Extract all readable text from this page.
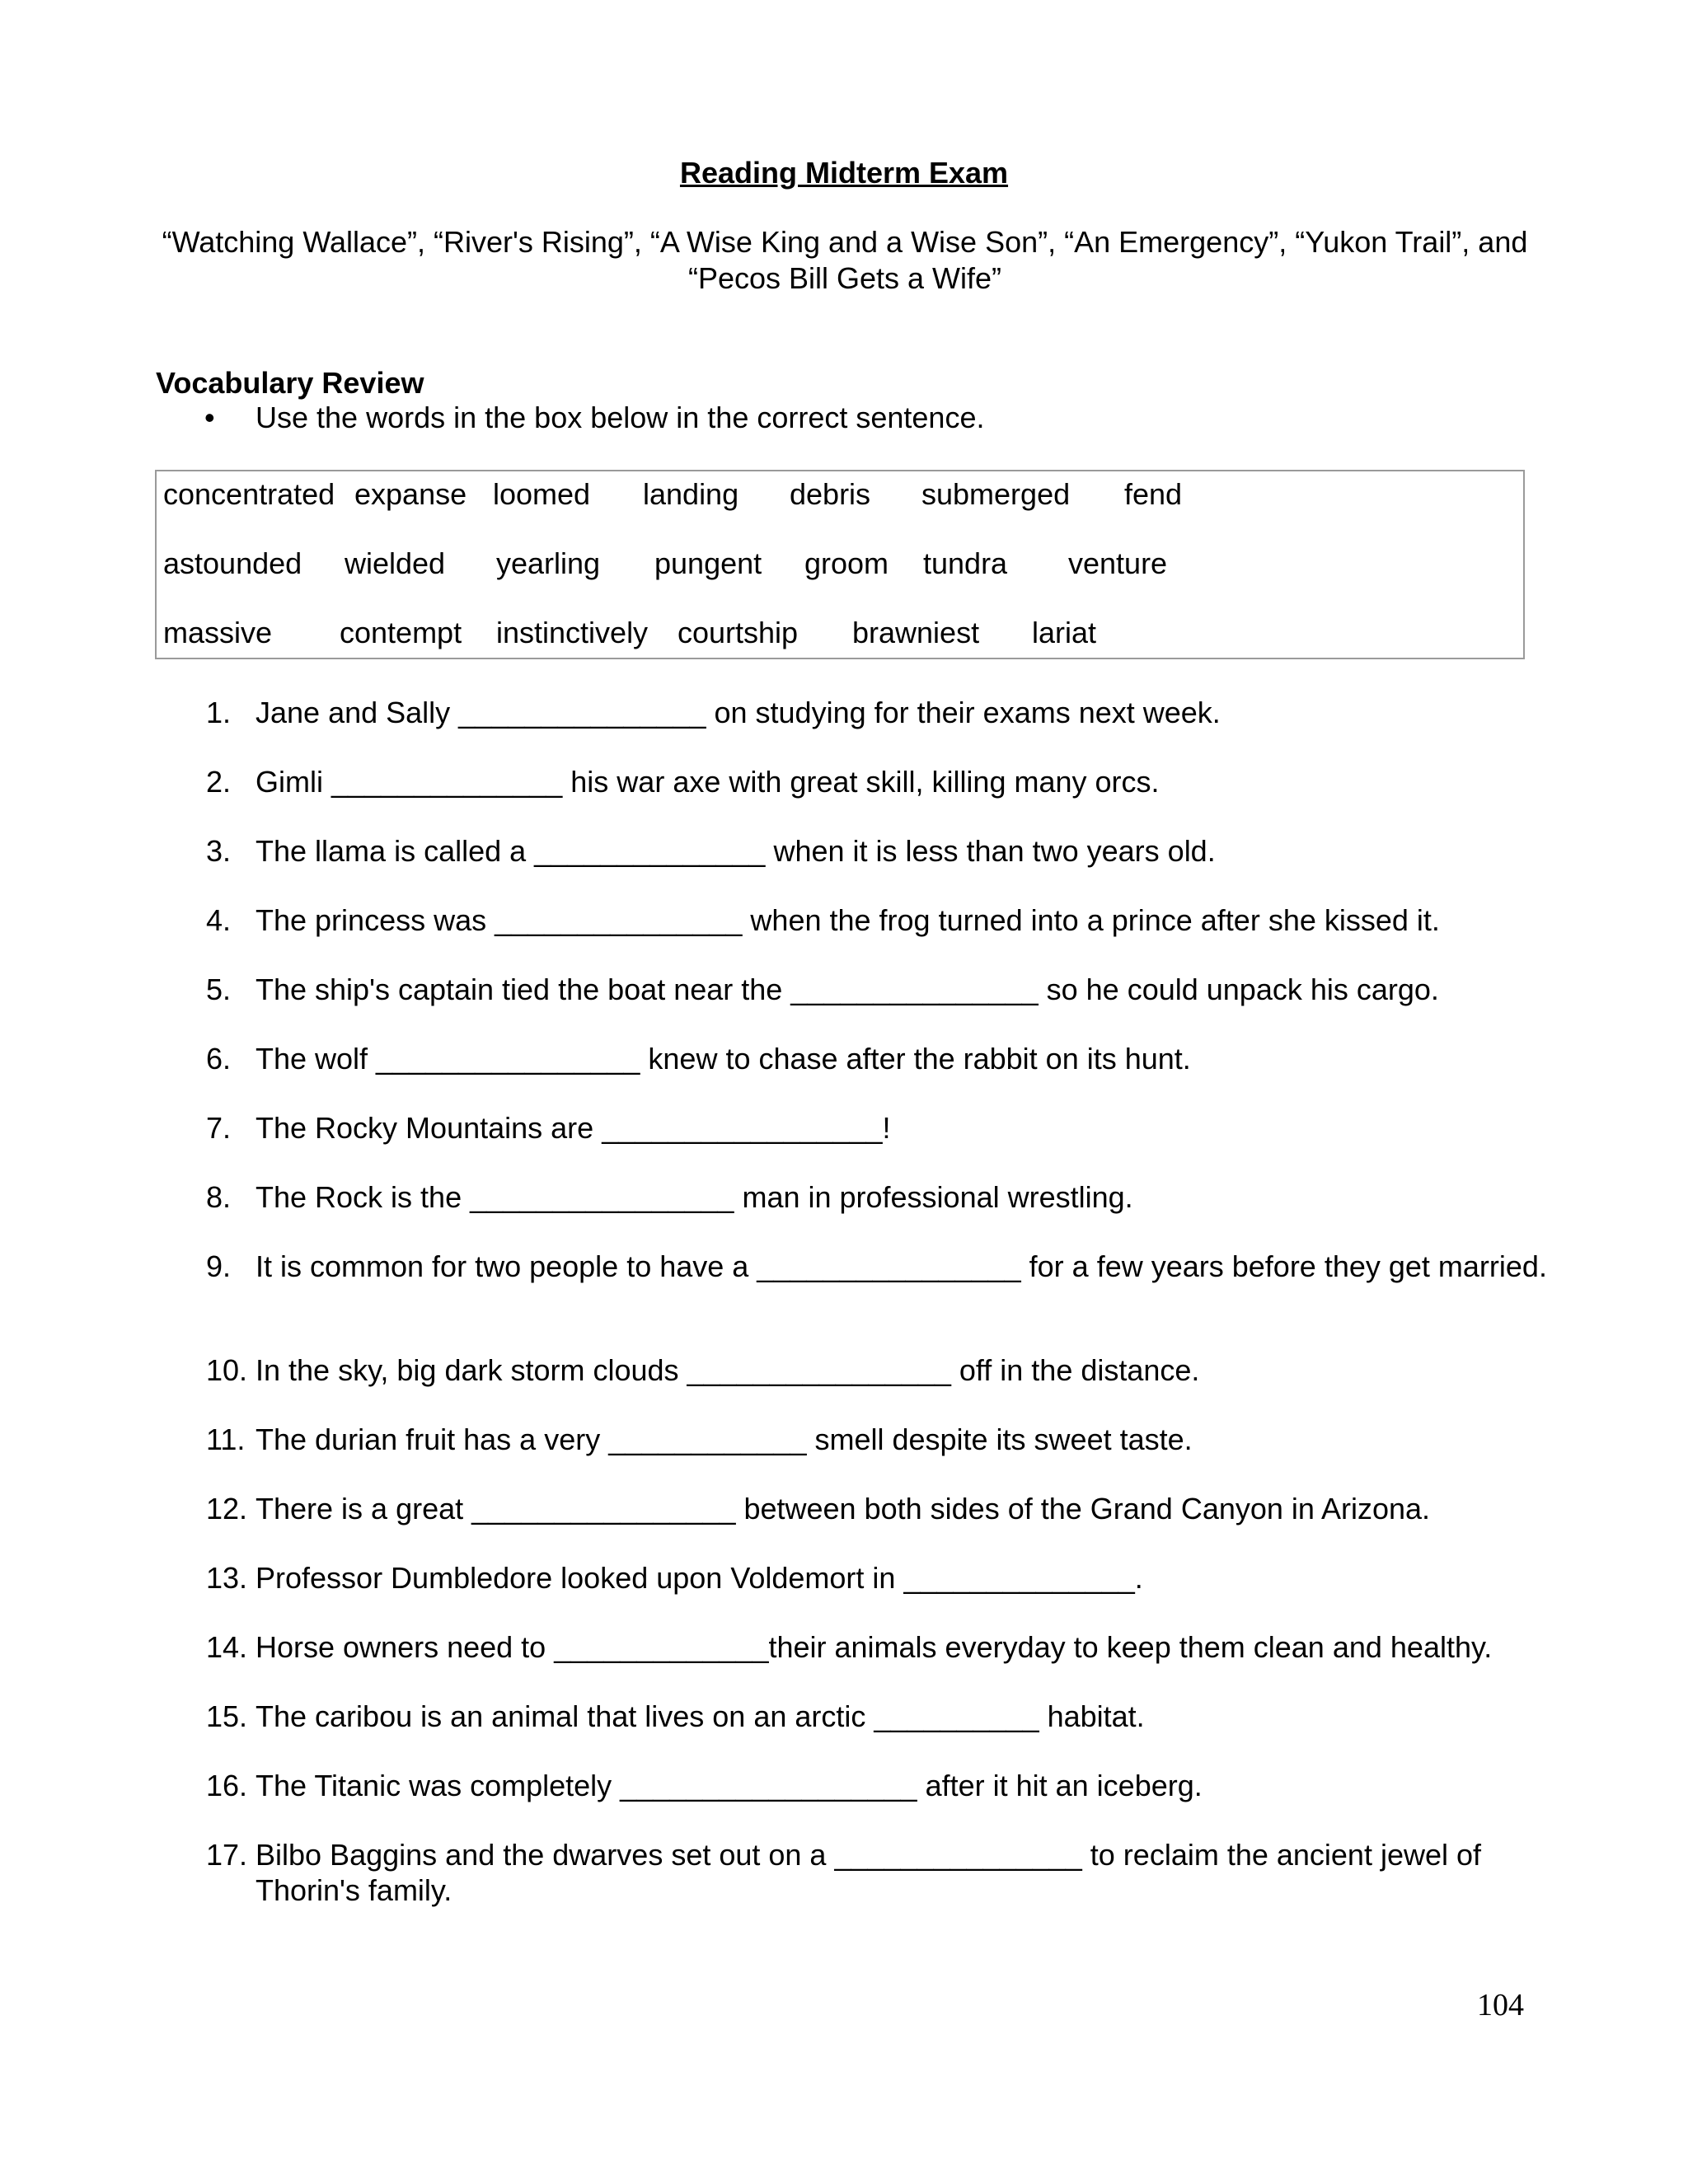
Reading Midterm Exam
“Watching Wallace”, “River's Rising”, “A Wise King and a Wise Son”, “An Emergency”, “Yukon Trail”, and “Pecos Bill Gets a Wife”
Vocabulary Review
• Use the words in the box below in the correct sentence.
concentrated expanse loomed landing debris submerged fend
astounded wielded yearling pungent groom tundra venture
massive contempt instinctively courtship brawniest lariat
1. Jane and Sally _______________ on studying for their exams next week.
2. Gimli ______________ his war axe with great skill, killing many orcs.
3. The llama is called a ______________ when it is less than two years old.
4. The princess was _______________ when the frog turned into a prince after she kissed it.
5. The ship's captain tied the boat near the _______________ so he could unpack his cargo.
6. The wolf ________________ knew to chase after the rabbit on its hunt.
7. The Rocky Mountains are _________________!
8. The Rock is the ________________ man in professional wrestling.
9. It is common for two people to have a ________________ for a few years before they get married.
10. In the sky, big dark storm clouds ________________ off in the distance.
11. The durian fruit has a very ____________ smell despite its sweet taste.
12. There is a great ________________ between both sides of the Grand Canyon in Arizona.
13. Professor Dumbledore looked upon Voldemort in ______________.
14. Horse owners need to _____________their animals everyday to keep them clean and healthy.
15. The caribou is an animal that lives on an arctic __________ habitat.
16. The Titanic was completely __________________ after it hit an iceberg.
17. Bilbo Baggins and the dwarves set out on a _______________ to reclaim the ancient jewel of Thorin's family.
104
